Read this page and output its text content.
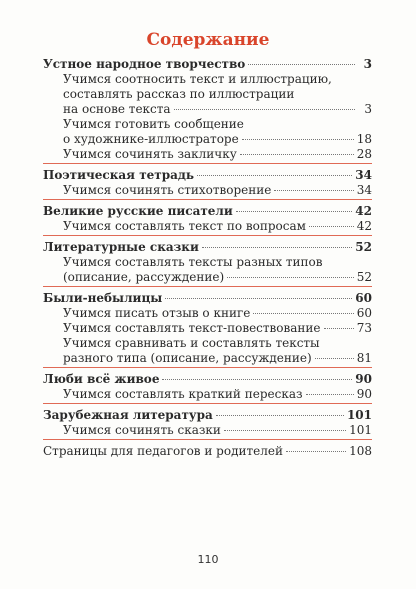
Содержание
Устное народное творчество	3
Учимся соотносить текст и иллюстрацию,
составлять рассказ по иллюстрации
на основе текста	3
Учимся готовить сообщение
о художнике-иллюстраторе	18
Учимся сочинять закличку	28
Поэтическая тетрадь	34
Учимся сочинять стихотворение	34
Великие русские писатели	42
Учимся составлять текст по вопросам	42
Литературные сказки	52
Учимся составлять тексты разных типов
(описание, рассуждение)	52
Были-небылицы	60
Учимся писать отзыв о книге	60
Учимся составлять текст-повествование	73
Учимся сравнивать и составлять тексты
разного типа (описание, рассуждение)	81
Люби всё живое	90
Учимся составлять краткий пересказ	90
Зарубежная литература	101
Учимся сочинять сказки	101
Страницы для педагогов и родителей	108
110
